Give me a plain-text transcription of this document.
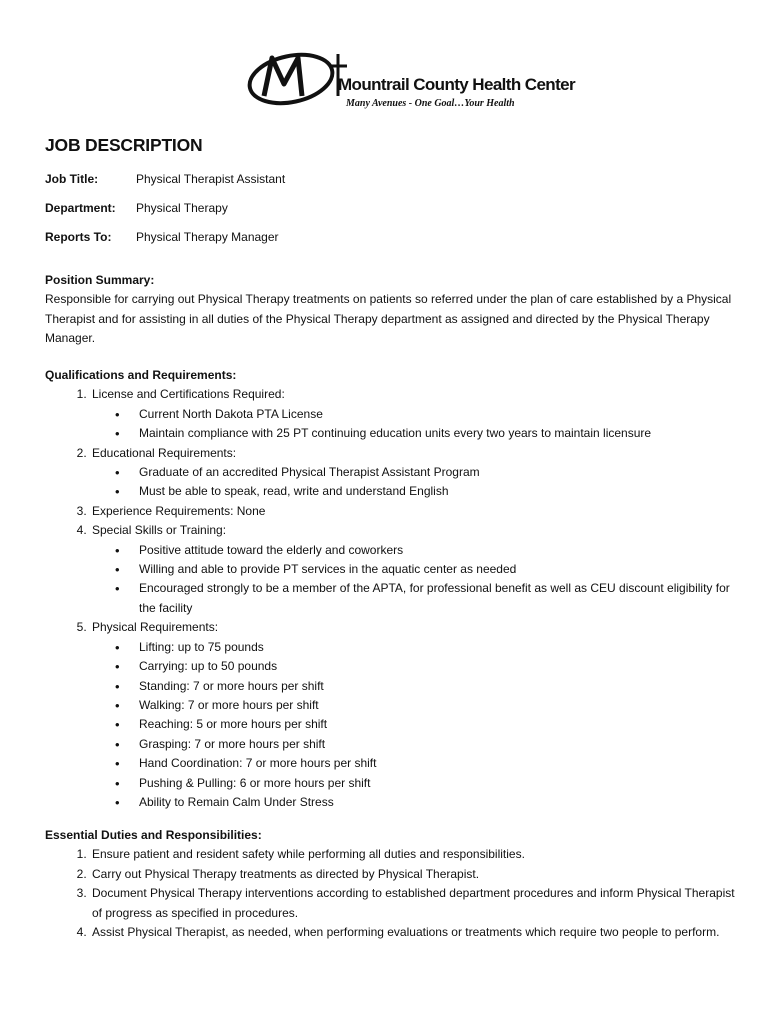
Mountrail County Health Center
Many Avenues - One Goal…Your Health
JOB DESCRIPTION
Job Title:	Physical Therapist Assistant
Department: Physical Therapy
Reports To: Physical Therapy Manager
Position Summary:
Responsible for carrying out Physical Therapy treatments on patients so referred under the plan of care established by a Physical Therapist and for assisting in all duties of the Physical Therapy department as assigned and directed by the Physical Therapy Manager.
Qualifications and Requirements:
1. License and Certifications Required:
• Current North Dakota PTA License
• Maintain compliance with 25 PT continuing education units every two years to maintain licensure
2. Educational Requirements:
• Graduate of an accredited Physical Therapist Assistant Program
• Must be able to speak, read, write and understand English
3. Experience Requirements: None
4. Special Skills or Training:
• Positive attitude toward the elderly and coworkers
• Willing and able to provide PT services in the aquatic center as needed
• Encouraged strongly to be a member of the APTA, for professional benefit as well as CEU discount eligibility for the facility
5. Physical Requirements:
• Lifting: up to 75 pounds
• Carrying: up to 50 pounds
• Standing: 7 or more hours per shift
• Walking: 7 or more hours per shift
• Reaching: 5 or more hours per shift
• Grasping: 7 or more hours per shift
• Hand Coordination: 7 or more hours per shift
• Pushing & Pulling: 6 or more hours per shift
• Ability to Remain Calm Under Stress
Essential Duties and Responsibilities:
1. Ensure patient and resident safety while performing all duties and responsibilities.
2. Carry out Physical Therapy treatments as directed by Physical Therapist.
3. Document Physical Therapy interventions according to established department procedures and inform Physical Therapist of progress as specified in procedures.
4. Assist Physical Therapist, as needed, when performing evaluations or treatments which require two people to perform.
